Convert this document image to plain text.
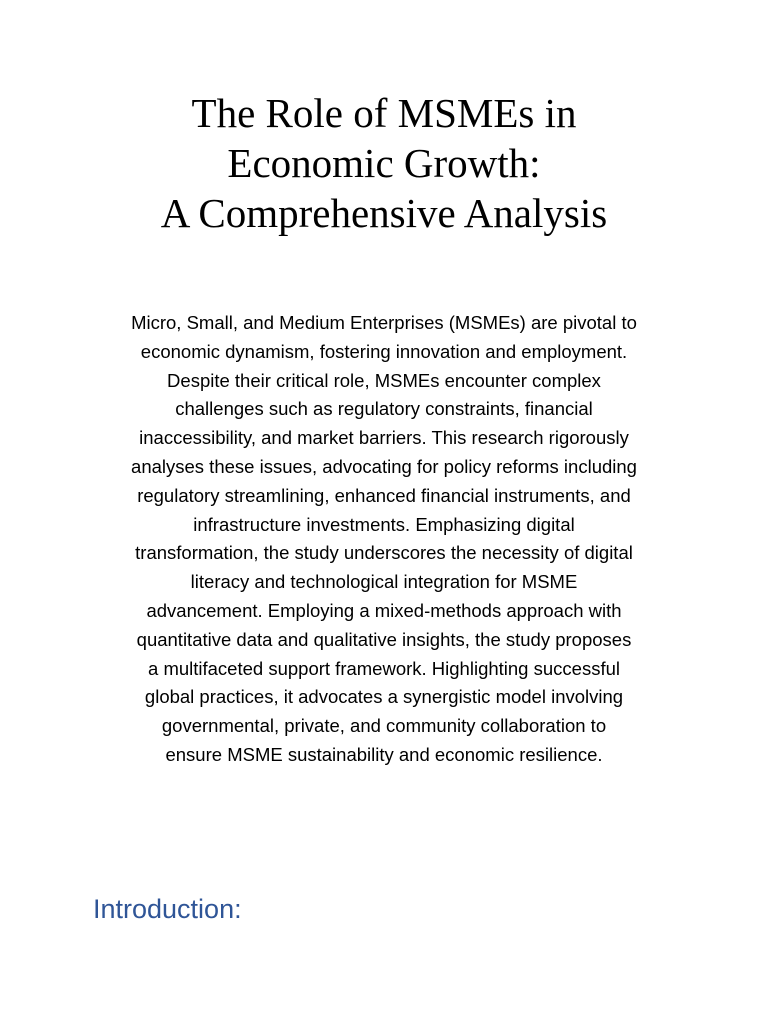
The Role of MSMEs in
Economic Growth:
A Comprehensive Analysis

Micro, Small, and Medium Enterprises (MSMEs) are pivotal to
economic dynamism, fostering innovation and employment.
Despite their critical role, MSMEs encounter complex
challenges such as regulatory constraints, financial
inaccessibility, and market barriers. This research rigorously
analyses these issues, advocating for policy reforms including
regulatory streamlining, enhanced financial instruments, and
infrastructure investments. Emphasizing digital
transformation, the study underscores the necessity of digital
literacy and technological integration for MSME
advancement. Employing a mixed-methods approach with
quantitative data and qualitative insights, the study proposes
a multifaceted support framework. Highlighting successful
global practices, it advocates a synergistic model involving
governmental, private, and community collaboration to
ensure MSME sustainability and economic resilience.

Introduction:
